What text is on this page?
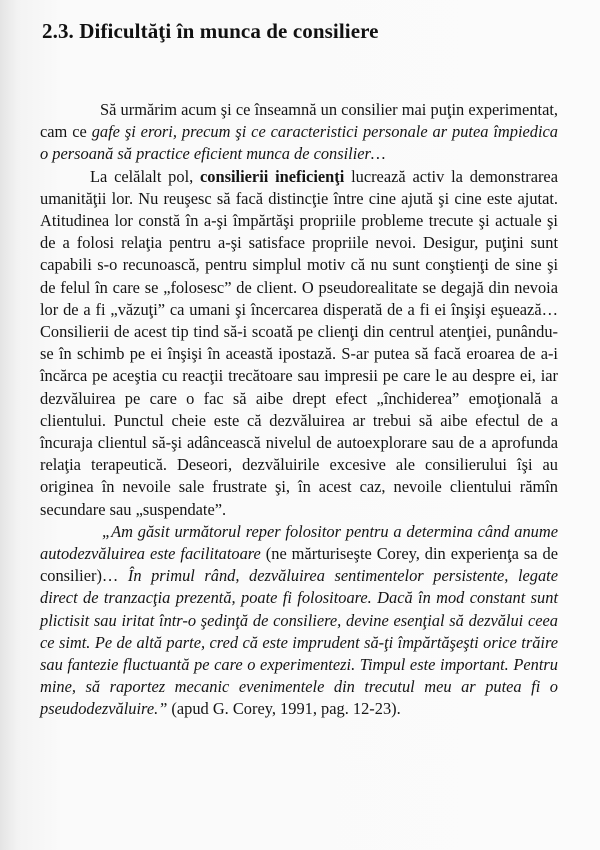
2.3. Dificultăţi în munca de consiliere

Să urmărim acum şi ce înseamnă un consilier mai puţin experimentat, cam ce gafe şi erori, precum şi ce caracteristici personale ar putea împiedica o persoană să practice eficient munca de consilier…

La celălalt pol, consilierii ineficienţi lucrează activ la demonstrarea umanităţii lor. Nu reuşesc să facă distincţie între cine ajută şi cine este ajutat. Atitudinea lor constă în a-şi împărtăşi propriile probleme trecute şi actuale şi de a folosi relaţia pentru a-şi satisface propriile nevoi. Desigur, puţini sunt capabili s-o recunoască, pentru simplul motiv că nu sunt conştienţi de sine şi de felul în care se „folosesc” de client. O pseudorealitate se degajă din nevoia lor de a fi „văzuţi” ca umani şi încercarea disperată de a fi ei înşişi eşuează… Consilierii de acest tip tind să-i scoată pe clienţi din centrul atenţiei, punându-se în schimb pe ei înşişi în această ipostază. S-ar putea să facă eroarea de a-i încărca pe aceştia cu reacţii trecătoare sau impresii pe care le au despre ei, iar dezvăluirea pe care o fac să aibe drept efect „închiderea” emoţională a clientului. Punctul cheie este că dezvăluirea ar trebui să aibe efectul de a încuraja clientul să-şi adâncească nivelul de autoexplorare sau de a aprofunda relaţia terapeutică. Deseori, dezvăluirile excesive ale consilierului îşi au originea în nevoile sale frustrate şi, în acest caz, nevoile clientului rămîn secundare sau „suspendate”.

„Am găsit următorul reper folositor pentru a determina când anume autodezvăluirea este facilitatoare (ne mărturiseşte Corey, din experienţa sa de consilier)… În primul rând, dezvăluirea sentimentelor persistente, legate direct de tranzacţia prezentă, poate fi folositoare. Dacă în mod constant sunt plictisit sau iritat într-o şedinţă de consiliere, devine esenţial să dezvălui ceea ce simt. Pe de altă parte, cred că este imprudent să-ţi împărtăşeşti orice trăire sau fantezie fluctuantă pe care o experimentezi. Timpul este important. Pentru mine, să raportez mecanic evenimentele din trecutul meu ar putea fi o pseudodezvăluire.” (apud G. Corey, 1991, pag. 12-23).
